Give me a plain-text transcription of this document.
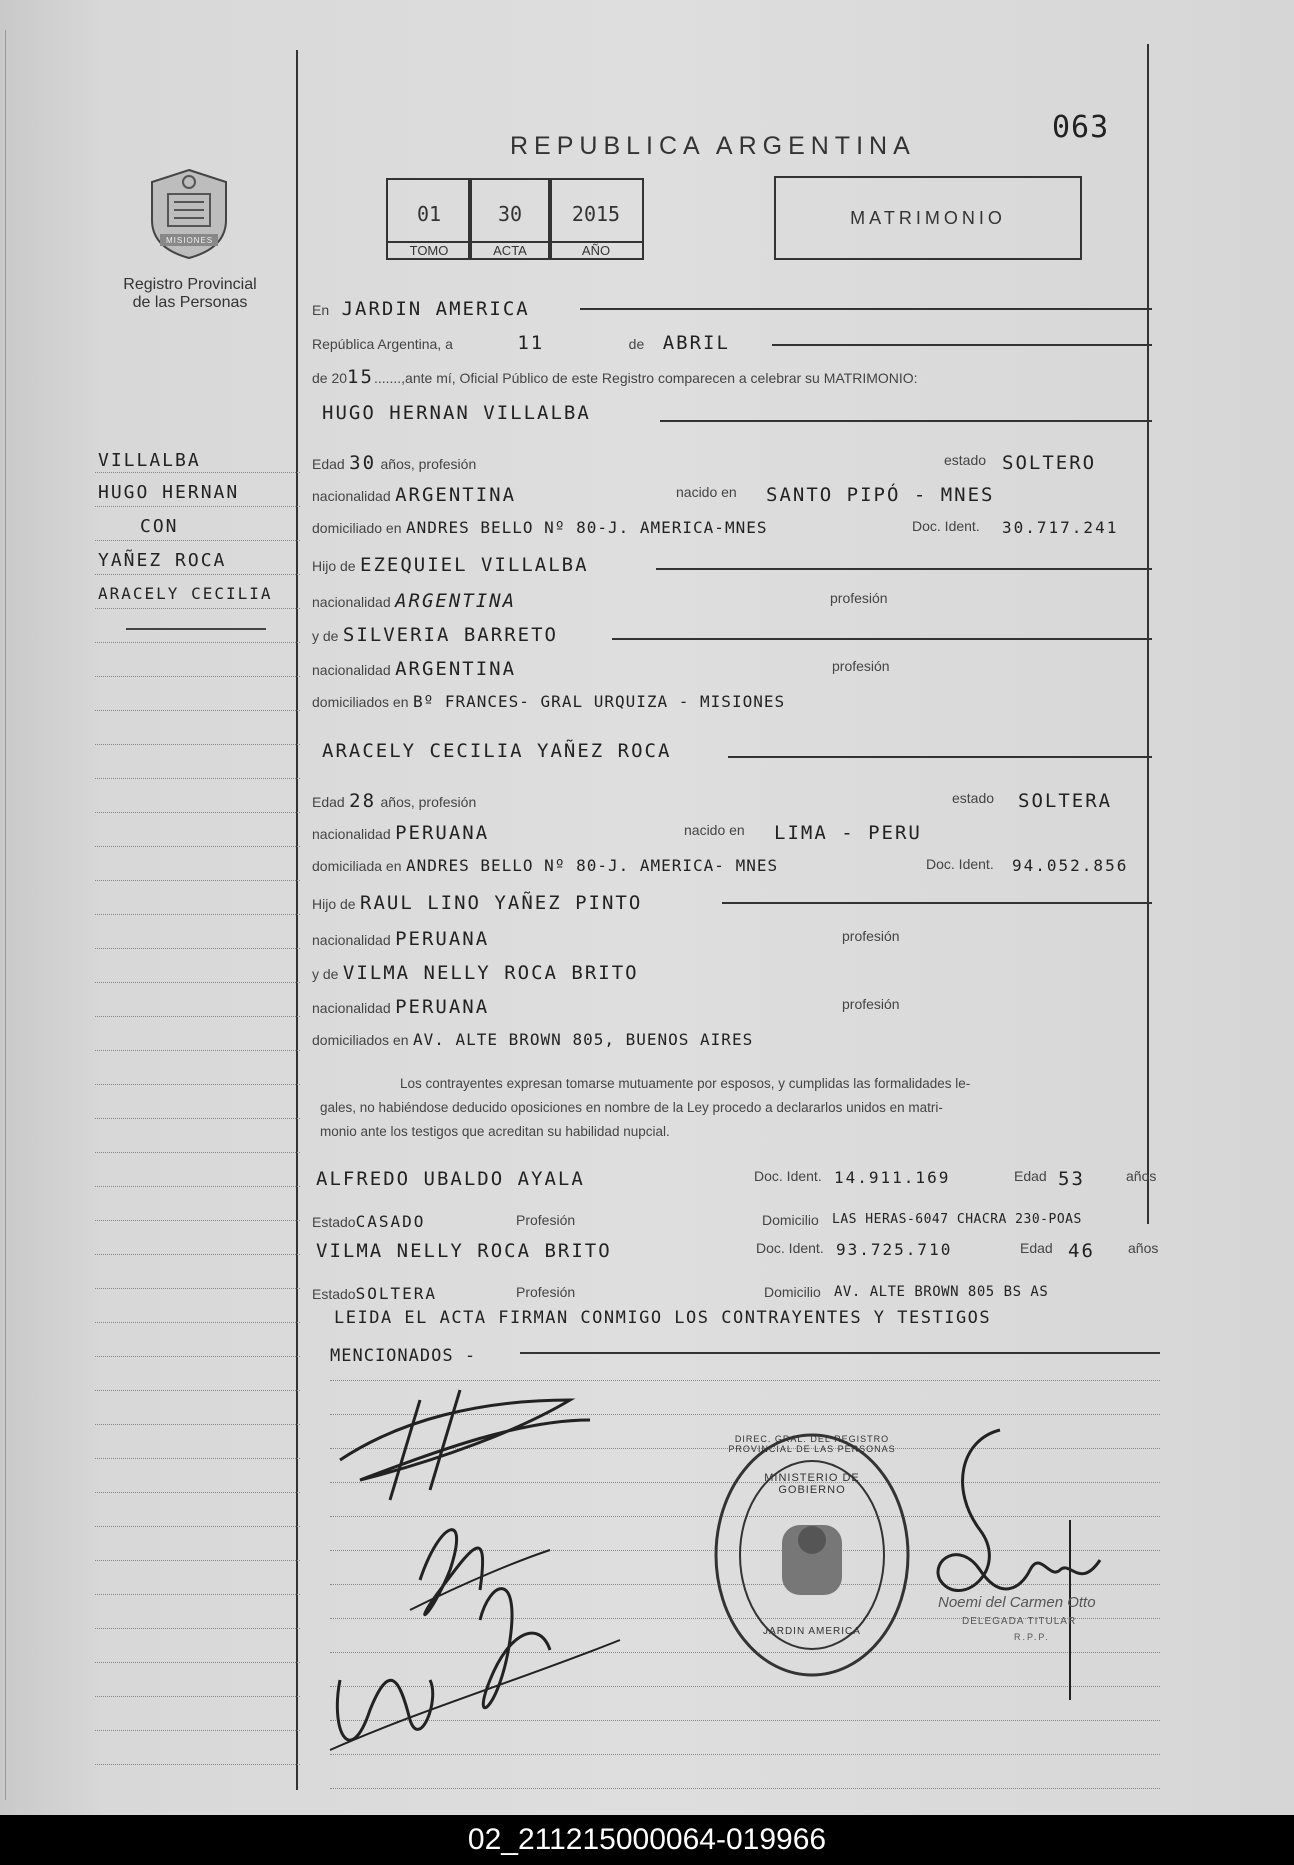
063
REPUBLICA ARGENTINA
01
TOMO
30
ACTA
2015
AÑO
MATRIMONIO
MISIONES
Registro Provincial
de las Personas
VILLALBA
HUGO HERNAN
CON
YAÑEZ ROCA
ARACELY CECILIA
En JARDIN AMERICA
República Argentina, a	11	de ABRIL
de 2015.......,ante mí, Oficial Público de este Registro comparecen a celebrar su MATRIMONIO:
HUGO HERNAN VILLALBA
Edad 30 años, profesión	estado SOLTERO
nacionalidad ARGENTINA	nacido en SANTO PIPÓ - MNES
domiciliado en ANDRES BELLO Nº 80-J. AMERICA-MNES	Doc. Ident. 30.717.241
Hijo de EZEQUIEL VILLALBA
nacionalidad ARGENTINA	profesión
y de SILVERIA BARRETO
nacionalidad ARGENTINA	profesión
domiciliados en Bº FRANCES- GRAL URQUIZA - MISIONES
ARACELY CECILIA YAÑEZ ROCA
Edad 28 años, profesión	estado SOLTERA
nacionalidad PERUANA	nacido en LIMA - PERU
domiciliada en ANDRES BELLO Nº 80-J. AMERICA- MNES	Doc. Ident. 94.052.856
Hijo de RAUL LINO YAÑEZ PINTO
nacionalidad PERUANA	profesión
y de VILMA NELLY ROCA BRITO
nacionalidad PERUANA	profesión
domiciliados en AV. ALTE BROWN 805, BUENOS AIRES
Los contrayentes expresan tomarse mutuamente por esposos, y cumplidas las formalidades le-
gales, no habiéndose deducido oposiciones en nombre de la Ley procedo a declararlos unidos en matri-
monio ante los testigos que acreditan su habilidad nupcial.
ALFREDO UBALDO AYALA	Doc. Ident. 14.911.169	Edad 53	años
EstadoCASADO	Profesión	Domicilio LAS HERAS-6047 CHACRA 230-POAS
VILMA NELLY ROCA BRITO	Doc. Ident. 93.725.710	Edad 46 años
EstadoSOLTERA	Profesión	Domicilio AV. ALTE BROWN 805 BS AS
LEIDA EL ACTA FIRMAN CONMIGO LOS CONTRAYENTES Y TESTIGOS
MENCIONADOS -
DIREC. GRAL. DEL REGISTRO PROVINCIAL DE LAS PERSONAS
MINISTERIO DE GOBIERNO
JARDIN AMERICA
Noemi del Carmen Otto
DELEGADA TITULAR
R.P.P.
02_211215000064-019966
